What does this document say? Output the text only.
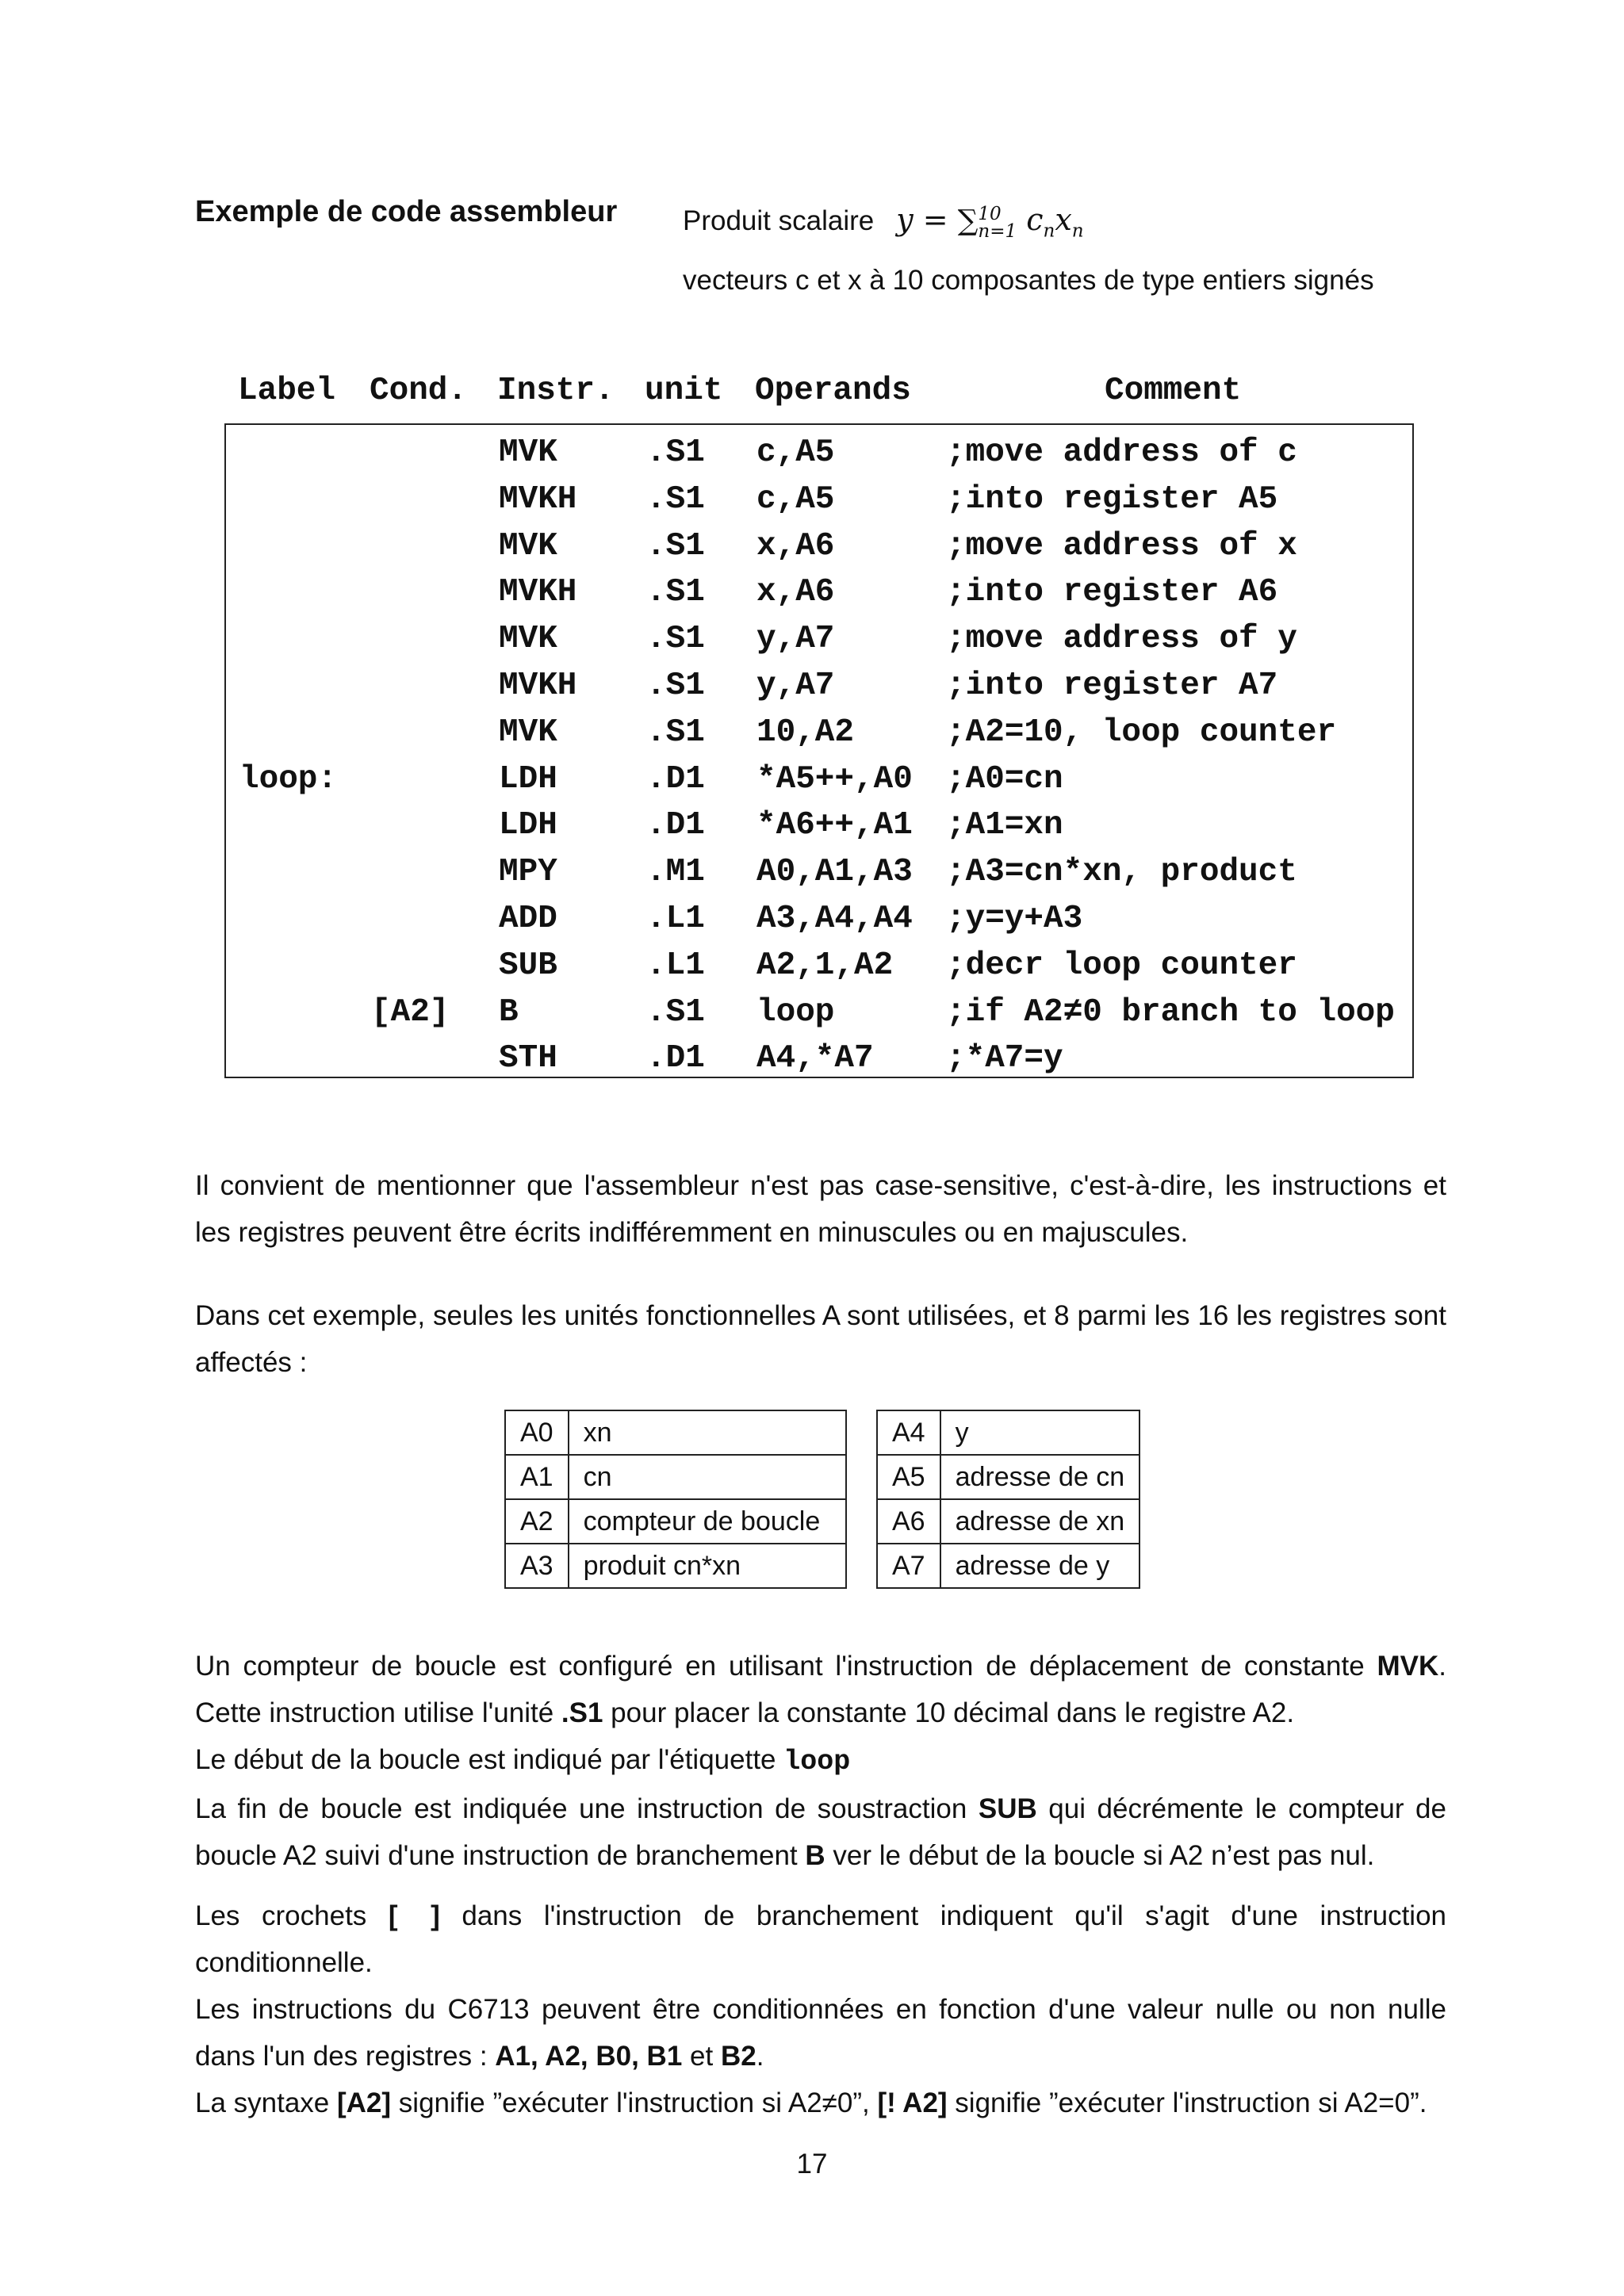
Exemple de code assembleur Produit scalaire y = ∑10
n=1 $c_nx_n$
vecteurs c et x à 10 composantes de type entiers signés
Label Cond. Instr. unit Operands	Comment
MVK	.S1 c,A5	;move address of c
MVKH .S1 c,A5	;into register A5
MVK	.S1 x,A6	;move address of x
MVKH .S1 x,A6	;into register A6
MVK	.S1 y,A7	;move address of y
MVKH .S1 y,A7	;into register A7
MVK	.S1 10,A2	;A2=10, loop counter
loop:	LDH	.D1 *A5++,A0 ;A0=cn
LDH	.D1 *A6++,A1 ;A1=xn
MPY	.M1 A0,A1,A3 ;A3=cn*xn, product
ADD	.L1 A3,A4,A4 ;y=y+A3
SUB	.L1 A2,1,A2 ;decr loop counter
[A2] B	.S1 loop	;if A2≠0 branch to loop
STH	.D1 A4,*A7 ;*A7=y
Il convient de mentionner que l'assembleur n'est pas case-sensitive, c'est-à-dire, les instructions et les registres peuvent être écrits indifféremment en minuscules ou en majuscules.
Dans cet exemple, seules les unités fonctionnelles A sont utilisées, et 8 parmi les 16 les registres sont affectés :
A0	xn
A1	cn
A2	compteur de boucle
A3	produit cn*xn
A4	y
A5	adresse de cn
A6	adresse de xn
A7	adresse de y
Un compteur de boucle est configuré en utilisant l'instruction de déplacement de constante MVK. Cette instruction utilise l'unité .S1 pour placer la constante 10 décimal dans le registre A2.
Le début de la boucle est indiqué par l'étiquette loop
La fin de boucle est indiquée une instruction de soustraction SUB qui décrémente le compteur de boucle A2 suivi d'une instruction de branchement B ver le début de la boucle si A2 n’est pas nul.
Les crochets [ ] dans l'instruction de branchement indiquent qu'il s'agit d'une instruction conditionnelle.
Les instructions du C6713 peuvent être conditionnées en fonction d'une valeur nulle ou non nulle dans l'un des registres : A1, A2, B0, B1 et B2.
La syntaxe [A2] signifie ”exécuter l'instruction si A2≠0”, [! A2] signifie ”exécuter l'instruction si A2=0”.
17
